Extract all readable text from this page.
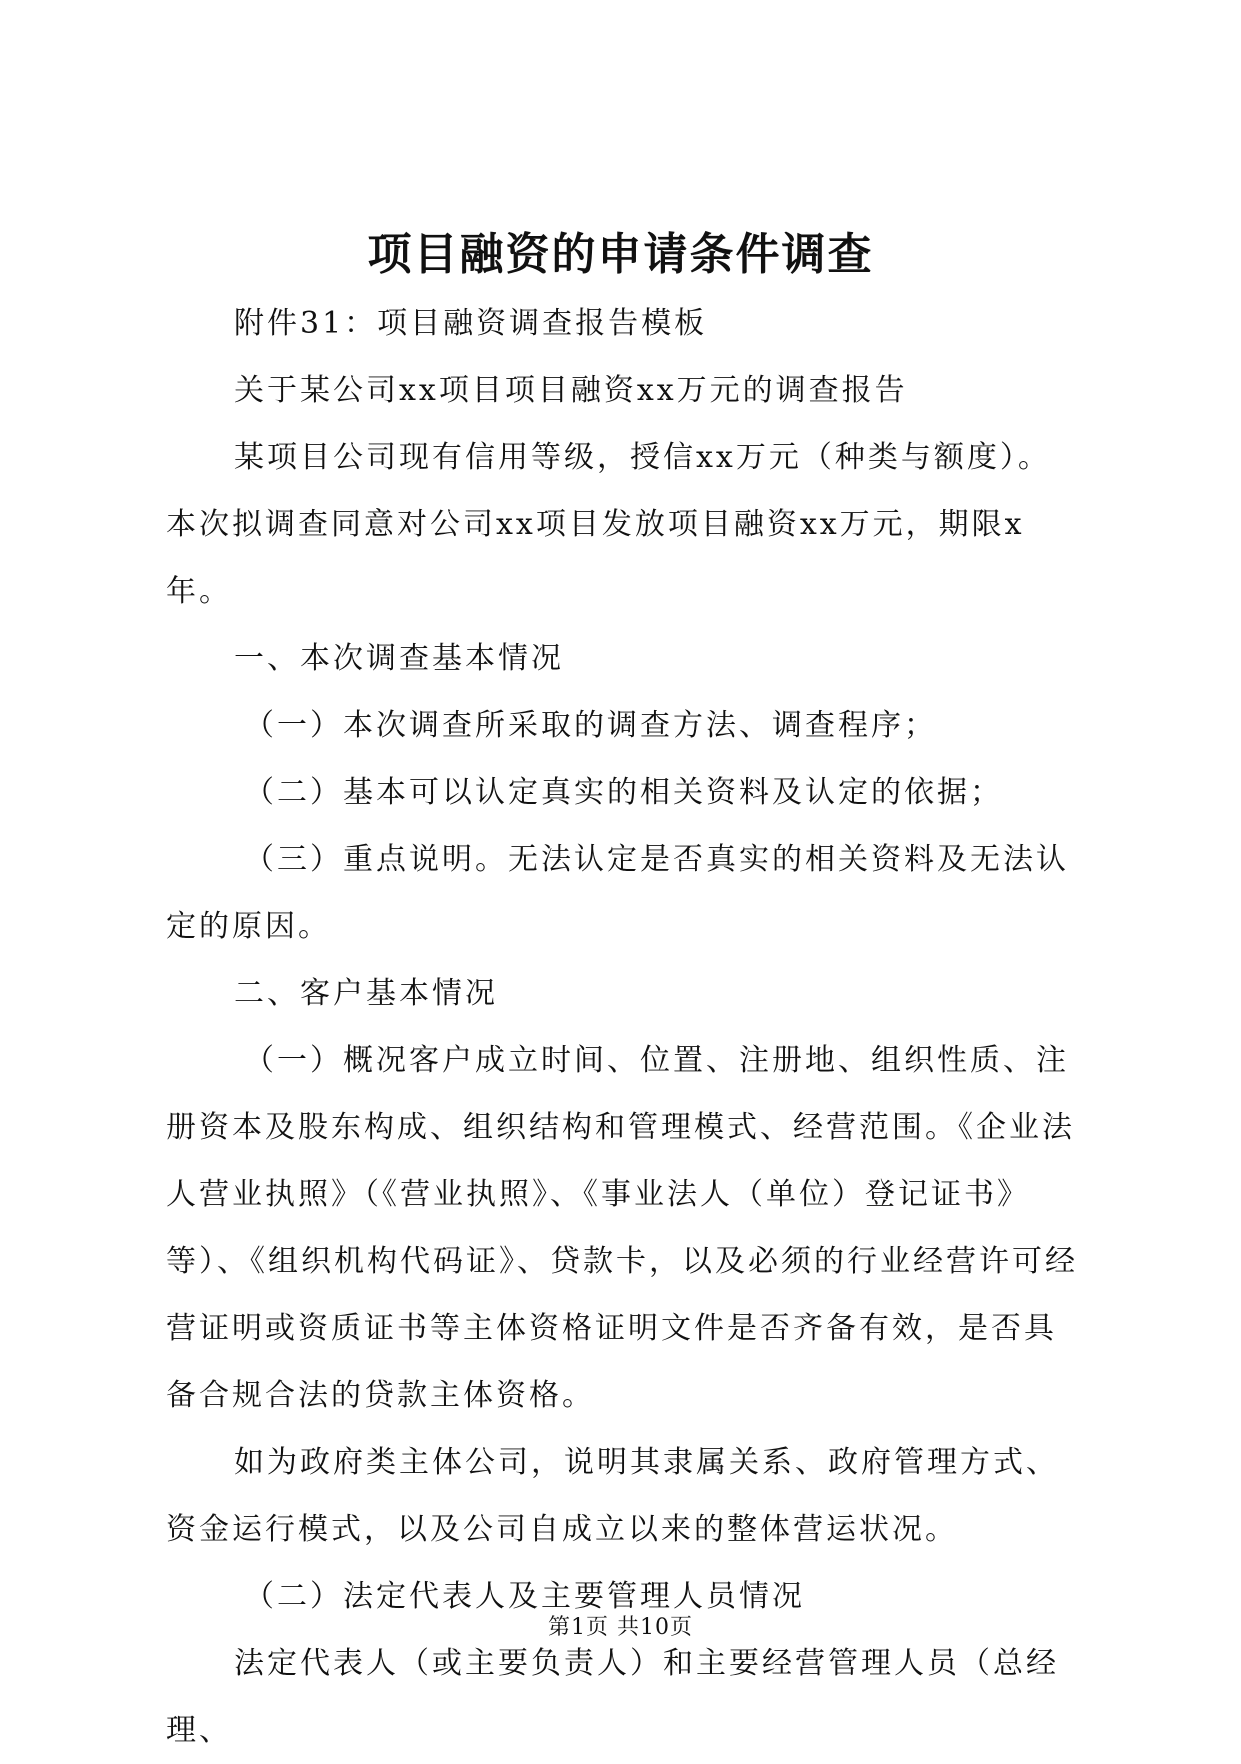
项目融资的申请条件调查

附件31：项目融资调查报告模板

关于某公司xx项目项目融资xx万元的调查报告

某项目公司现有信用等级，授信xx万元（种类与额度）。本次拟调查同意对公司xx项目发放项目融资xx万元，期限x年。

一、本次调查基本情况

（一）本次调查所采取的调查方法、调查程序；

（二）基本可以认定真实的相关资料及认定的依据；

（三）重点说明。无法认定是否真实的相关资料及无法认定的原因。

二、客户基本情况

（一）概况客户成立时间、位置、注册地、组织性质、注册资本及股东构成、组织结构和管理模式、经营范围。《企业法人营业执照》（《营业执照》、《事业法人（单位）登记证书》等）、《组织机构代码证》、贷款卡，以及必须的行业经营许可经营证明或资质证书等主体资格证明文件是否齐备有效，是否具备合规合法的贷款主体资格。

如为政府类主体公司，说明其隶属关系、政府管理方式、资金运行模式，以及公司自成立以来的整体营运状况。

（二）法定代表人及主要管理人员情况

法定代表人（或主要负责人）和主要经营管理人员（总经理、

第1页 共10页
